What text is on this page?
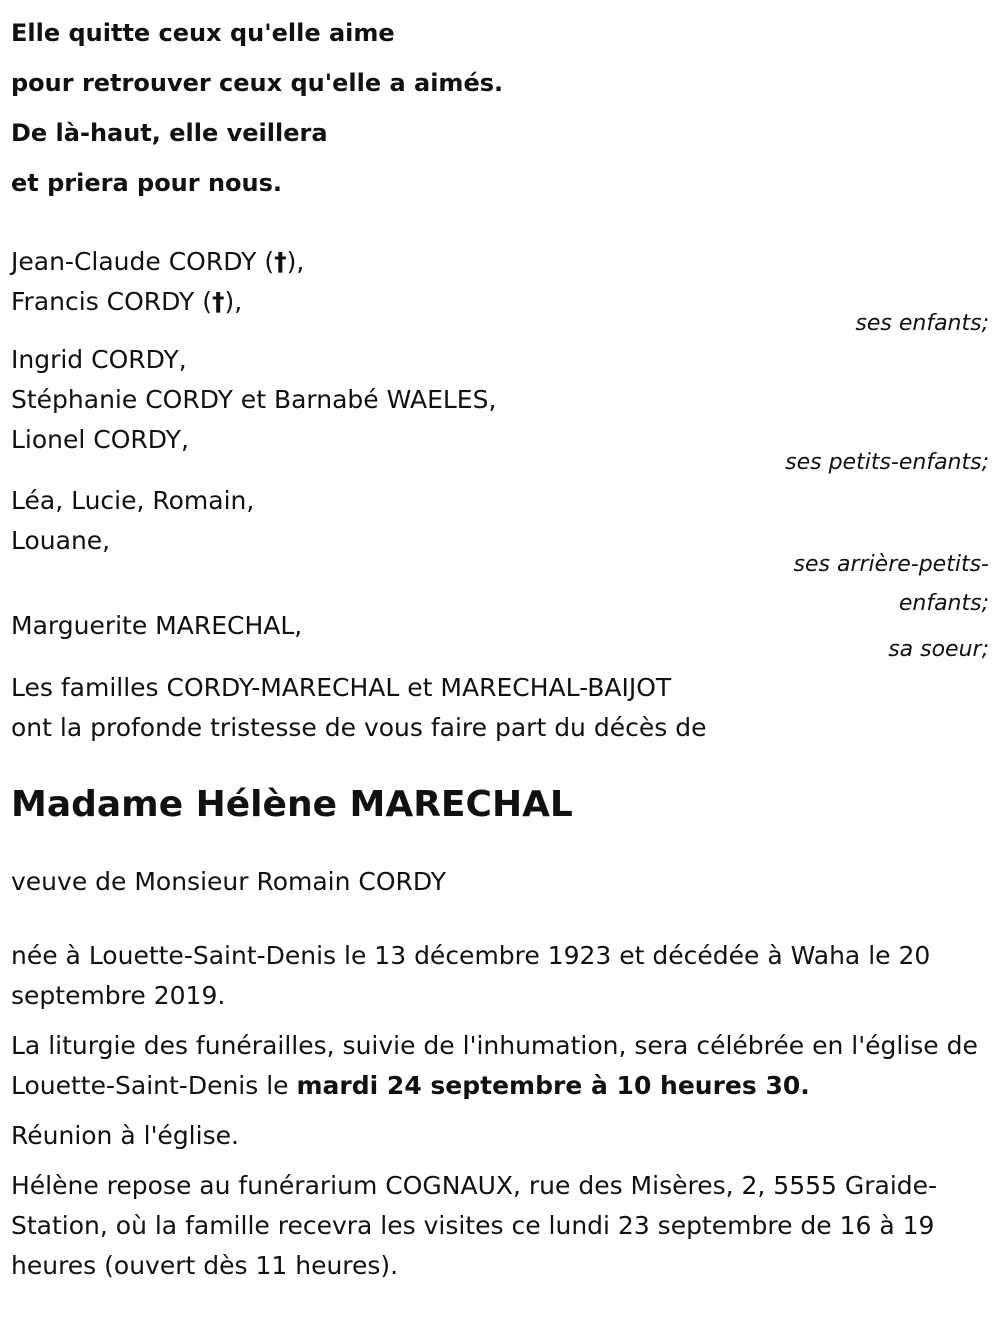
Elle quitte ceux qu'elle aime
pour retrouver ceux qu'elle a aimés.
De là-haut, elle veillera
et priera pour nous.
Jean-Claude CORDY (†),
Francis CORDY (†),
ses enfants;
Ingrid CORDY,
Stéphanie CORDY et Barnabé WAELES,
Lionel CORDY,
ses petits-enfants;
Léa, Lucie, Romain,
Louane,
ses arrière-petits-
enfants;
Marguerite MARECHAL,
sa soeur;
Les familles CORDY-MARECHAL et MARECHAL-BAIJOT
ont la profonde tristesse de vous faire part du décès de
Madame Hélène MARECHAL
veuve de Monsieur Romain CORDY
née à Louette-Saint-Denis le 13 décembre 1923 et décédée à Waha le 20 septembre 2019.
La liturgie des funérailles, suivie de l'inhumation, sera célébrée en l'église de Louette-Saint-Denis le mardi 24 septembre à 10 heures 30.
Réunion à l'église.
Hélène repose au funérarium COGNAUX, rue des Misères, 2, 5555 Graide-Station, où la famille recevra les visites ce lundi 23 septembre de 16 à 19 heures (ouvert dès 11 heures).
